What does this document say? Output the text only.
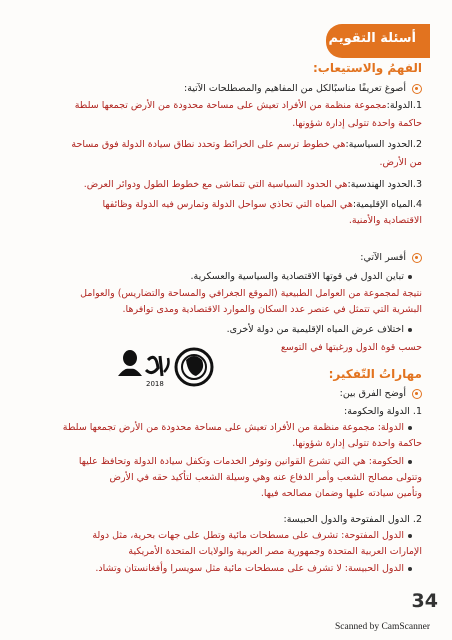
أسئلة التقويم
الفهمُ والاستيعاب:
أصوغ تعريفًا مناسبًالكل من المفاهيم والمصطلحات الآتية:
1.الدولة:مجموعة منظمة من الأفراد تعيش على مساحة محدودة من الأرض تجمعها سلطة
حاكمة واحدة تتولى إدارة شؤونها.
2.الحدود السياسية:هي خطوط ترسم على الخرائط وتحدد نطاق سيادة الدولة فوق مساحة
من الأرض.
3.الحدود الهندسية:هي الحدود السياسية التي تتماشى مع خطوط الطول ودوائر العرض.
4.المياه الإقليمية:هي المياه التي تحاذي سواحل الدولة وتمارس فيه الدولة وظائفها
الاقتصادية والأمنية.
أفسر الآتي:
تباين الدول في قوتها الاقتصادية والسياسية والعسكرية.
نتيجة لمجموعة من العوامل الطبيعية (الموقع الجغرافي والمساحة والتضاريس) والعوامل
البشرية التي تتمثل في عنصر عدد السكان والموارد الاقتصادية ومدى توافرها.
اختلاف عرض المياه الإقليمية من دولة لأخرى.
حسب قوة الدول ورغبتها في التوسع
2018
مهاراتُ التّفكير:
أوضح الفرق بين:
1. الدولة والحكومة:
الدولة: مجموعة منظمة من الأفراد تعيش على مساحة محدودة من الأرض تجمعها سلطة
حاكمة واحدة تتولى إدارة شؤونها.
الحكومة: هي التي تشرع القوانين وتوفر الخدمات وتكفل سيادة الدولة وتحافظ عليها
وتتولى مصالح الشعب وأمر الدفاع عنه وهي وسيلة الشعب لتأكيد حقه في الأرض
وتأمين سيادته عليها وضمان مصالحه فيها.
2. الدول المفتوحة والدول الحبيسة:
الدول المفتوحة: تشرف على مسطحات مائية وتطل على جهات بحرية، مثل دولة
الإمارات العربية المتحدة وجمهورية مصر العربية والولايات المتحدة الأمريكية
الدول الحبيسة: لا تشرف على مسطحات مائية مثل سويسرا وأفغانستان وتشاد.
34
Scanned by CamScanner
